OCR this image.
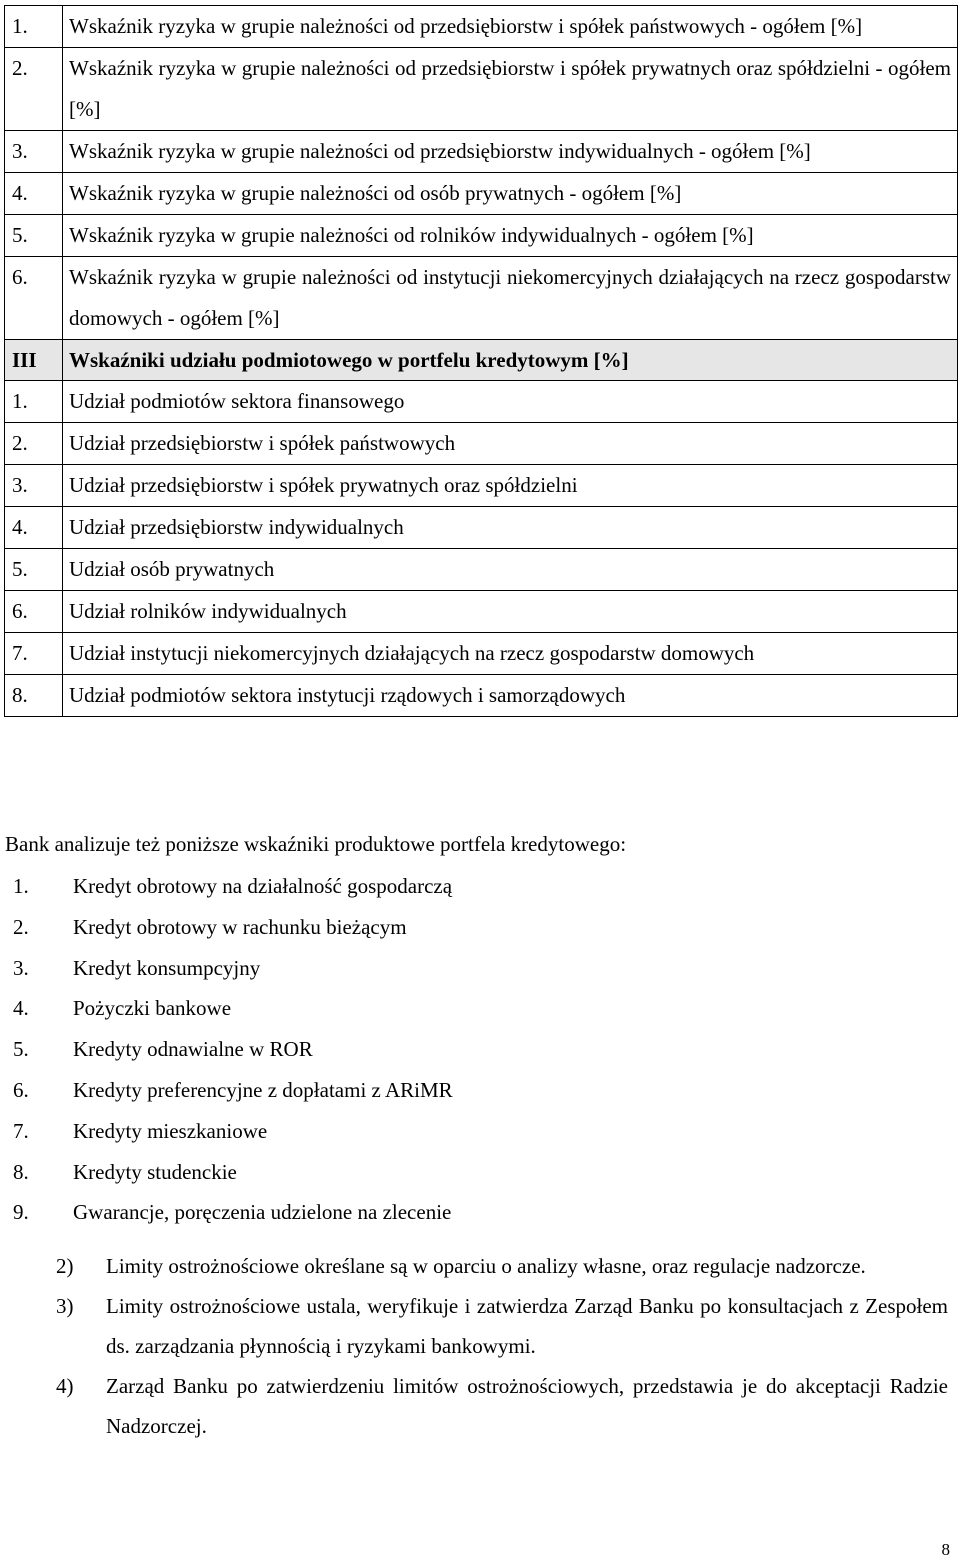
1.	Wskaźnik ryzyka w grupie należności od przedsiębiorstw i spółek państwowych - ogółem [%]
2.	Wskaźnik ryzyka w grupie należności od przedsiębiorstw i spółek prywatnych oraz spółdzielni - ogółem [%]
3.	Wskaźnik ryzyka w grupie należności od przedsiębiorstw indywidualnych - ogółem [%]
4.	Wskaźnik ryzyka w grupie należności od osób prywatnych - ogółem [%]
5.	Wskaźnik ryzyka w grupie należności od rolników indywidualnych - ogółem [%]
6.	Wskaźnik ryzyka w grupie należności od instytucji niekomercyjnych działających na rzecz gospodarstw domowych - ogółem [%]
III	Wskaźniki udziału podmiotowego w portfelu kredytowym [%]
1.	Udział podmiotów sektora finansowego
2.	Udział przedsiębiorstw i spółek państwowych
3.	Udział przedsiębiorstw i spółek prywatnych oraz spółdzielni
4.	Udział przedsiębiorstw indywidualnych
5.	Udział osób prywatnych
6.	Udział rolników indywidualnych
7.	Udział instytucji niekomercyjnych działających na rzecz gospodarstw domowych
8.	Udział podmiotów sektora instytucji rządowych i samorządowych
Bank analizuje też poniższe wskaźniki produktowe portfela kredytowego:
1. Kredyt obrotowy na działalność gospodarczą
2. Kredyt obrotowy w rachunku bieżącym
3. Kredyt konsumpcyjny
4. Pożyczki bankowe
5. Kredyty odnawialne w ROR
6. Kredyty preferencyjne z dopłatami z ARiMR
7. Kredyty mieszkaniowe
8. Kredyty studenckie
9. Gwarancje, poręczenia udzielone na zlecenie
2) Limity ostrożnościowe określane są w oparciu o analizy własne, oraz regulacje nadzorcze.
3) Limity ostrożnościowe ustala, weryfikuje i zatwierdza Zarząd Banku po konsultacjach z Zespołem ds. zarządzania płynnością i ryzykami bankowymi.
4) Zarząd Banku po zatwierdzeniu limitów ostrożnościowych, przedstawia je do akceptacji Radzie Nadzorczej.
8
